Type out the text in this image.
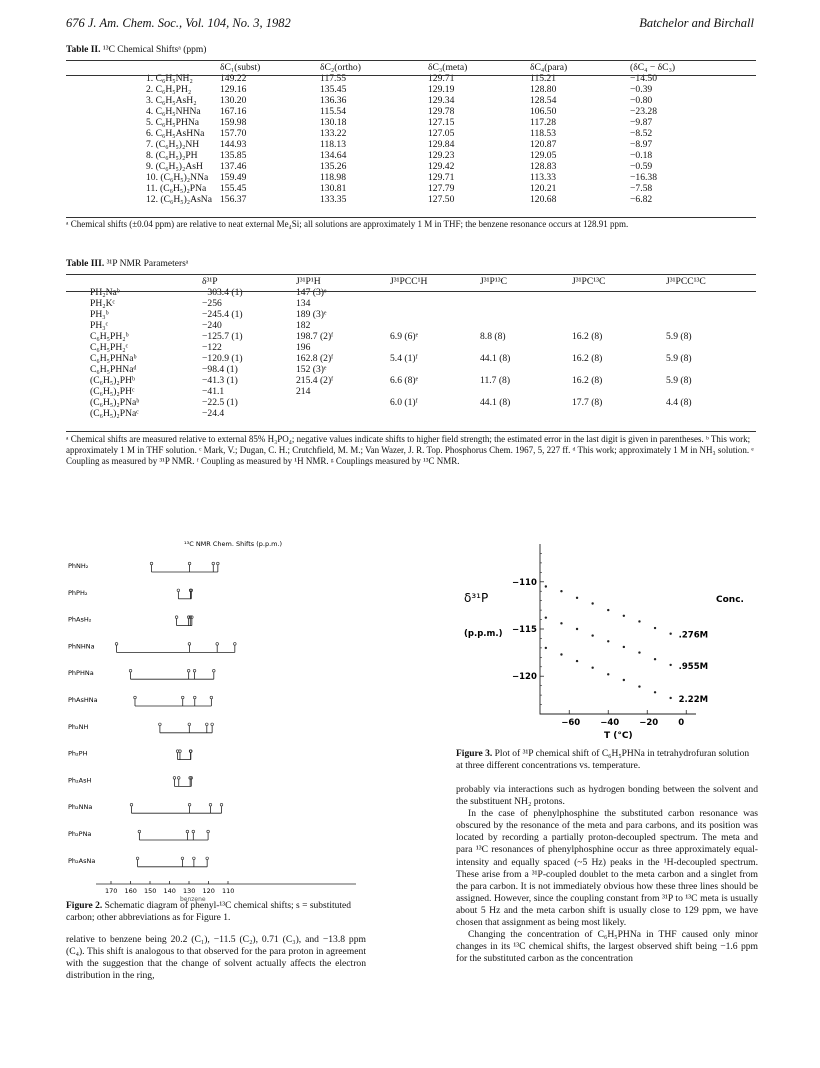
676 J. Am. Chem. Soc., Vol. 104, No. 3, 1982	Batchelor and Birchall
Table II. ¹³C Chemical Shiftsᵃ (ppm)
	δC₁(subst)	δC₂(ortho)	δC₃(meta)	δC₄(para)	(δC₄ − δC₃)
1. C₆H₅NH₂	149.22	117.55	129.71	115.21	−14.50
2. C₆H₅PH₂	129.16	135.45	129.19	128.80	−0.39
3. C₆H₅AsH₂	130.20	136.36	129.34	128.54	−0.80
4. C₆H₅NHNa	167.16	115.54	129.78	106.50	−23.28
5. C₆H₅PHNa	159.98	130.18	127.15	117.28	−9.87
6. C₆H₅AsHNa	157.70	133.22	127.05	118.53	−8.52
7. (C₆H₅)₂NH	144.93	118.13	129.84	120.87	−8.97
8. (C₆H₅)₂PH	135.85	134.64	129.23	129.05	−0.18
9. (C₆H₅)₂AsH	137.46	135.26	129.42	128.83	−0.59
10. (C₆H₅)₂NNa	159.49	118.98	129.71	113.33	−16.38
11. (C₆H₅)₂PNa	155.45	130.81	127.79	120.21	−7.58
12. (C₆H₅)₂AsNa	156.37	133.35	127.50	120.68	−6.82
ᵃ Chemical shifts (±0.04 ppm) are relative to neat external Me₄Si; all solutions are approximately 1 M in THF; the benzene resonance occurs at 128.91 ppm.
Table III. ³¹P NMR Parametersᵃ
	δ³¹P	J³¹P¹H	J³¹PCC¹H	J³¹P¹³C	J³¹PC¹³C	J³¹PCC¹³C
PH₂Naᵇ	−303.4 (1)	147 (3)ᵉ				
PH₂Kᶜ	−256	134				
PH₃ᵇ	−245.4 (1)	189 (3)ᵉ				
PH₃ᶜ	−240	182				
C₆H₅PH₂ᵇ	−125.7 (1)	198.7 (2)ᶠ	6.9 (6)ᵉ	8.8 (8)	16.2 (8)	5.9 (8)
C₆H₅PH₂ᶜ	−122	196				
C₆H₅PHNaᵇ	−120.9 (1)	162.8 (2)ᶠ	5.4 (1)ᶠ	44.1 (8)	16.2 (8)	5.9 (8)
C₆H₅PHNaᵈ	−98.4 (1)	152 (3)ᵉ				
(C₆H₅)₂PHᵇ	−41.3 (1)	215.4 (2)ᶠ	6.6 (8)ᵉ	11.7 (8)	16.2 (8)	5.9 (8)
(C₆H₅)₂PHᶜ	−41.1	214				
(C₆H₅)₂PNaᵇ	−22.5 (1)		6.0 (1)ᶠ	44.1 (8)	17.7 (8)	4.4 (8)
(C₆H₅)₂PNaᶜ	−24.4					
ᵃ Chemical shifts are measured relative to external 85% H₃PO₄; negative values indicate shifts to higher field strength; the estimated error in the last digit is given in parentheses. ᵇ This work; approximately 1 M in THF solution. ᶜ Mark, V.; Dugan, C. H.; Crutchfield, M. M.; Van Wazer, J. R. Top. Phosphorus Chem. 1967, 5, 227 ff. ᵈ This work; approximately 1 M in NH₃ solution. ᵉ Coupling as measured by ³¹P NMR. ᶠ Coupling as measured by ¹H NMR. ᵍ Couplings measured by ¹³C NMR.
¹³C NMR Chem. Shifts (p.p.m.)
PhNH₂
PhPH₂
PhAsH₂
PhNHNa
PhPHNa
PhAsHNa
Ph₂NH
Ph₂PH
Ph₂AsH
Ph₂NNa
Ph₂PNa
Ph₂AsNa
170 160 150 140 130 120 110
benzene
Figure 2. Schematic diagram of phenyl-¹³C chemical shifts; s = substituted carbon; other abbreviations as for Figure 1.
−110
−115
−120
−60 −40 −20 0
T (°C)
δ³¹P
(p.p.m.)
Conc.
.276M
.955M
2.22M
Figure 3. Plot of ³¹P chemical shift of C₆H₅PHNa in tetrahydrofuran solution at three different concentrations vs. temperature.
relative to benzene being 20.2 (C₁), −11.5 (C₂), 0.71 (C₃), and −13.8 ppm (C₄). This shift is analogous to that observed for the para proton in agreement with the suggestion that the change of solvent actually affects the electron distribution in the ring,
probably via interactions such as hydrogen bonding between the solvent and the substituent NH₂ protons.
In the case of phenylphosphine the substituted carbon resonance was obscured by the resonance of the meta and para carbons, and its position was located by recording a partially proton-decoupled spectrum. The meta and para ¹³C resonances of phenylphosphine occur as three approximately equal-intensity and equally spaced (~5 Hz) peaks in the ¹H-decoupled spectrum. These arise from a ³¹P-coupled doublet to the meta carbon and a singlet from the para carbon. It is not immediately obvious how these three lines should be assigned. However, since the coupling constant from ³¹P to ¹³C meta is usually about 5 Hz and the meta carbon shift is usually close to 129 ppm, we have chosen that assignment as being most likely.
Changing the concentration of C₆H₅PHNa in THF caused only minor changes in its ¹³C chemical shifts, the largest observed shift being −1.6 ppm for the substituted carbon as the concentration
